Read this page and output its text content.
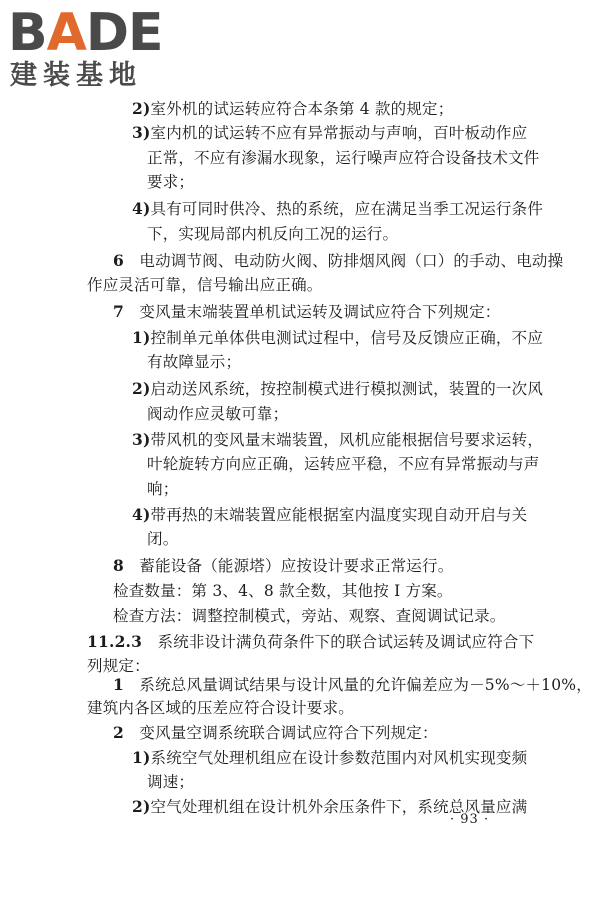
BADE
建装基地
2)室外机的试运转应符合本条第 4 款的规定；
3)室内机的试运转不应有异常振动与声响，百叶板动作应
正常，不应有渗漏水现象，运行噪声应符合设备技术文件
要求；
4)具有可同时供冷、热的系统，应在满足当季工况运行条件
下，实现局部内机反向工况的运行。
6 电动调节阀、电动防火阀、防排烟风阀（口）的手动、电动操
作应灵活可靠，信号输出应正确。
7 变风量末端装置单机试运转及调试应符合下列规定：
1)控制单元单体供电测试过程中，信号及反馈应正确，不应
有故障显示；
2)启动送风系统，按控制模式进行模拟测试，装置的一次风
阀动作应灵敏可靠；
3)带风机的变风量末端装置，风机应能根据信号要求运转，
叶轮旋转方向应正确，运转应平稳，不应有异常振动与声
响；
4)带再热的末端装置应能根据室内温度实现自动开启与关
闭。
8 蓄能设备（能源塔）应按设计要求正常运行。
检查数量：第 3、4、8 款全数，其他按 Ⅰ 方案。
检查方法：调整控制模式，旁站、观察、查阅调试记录。
11.2.3 系统非设计满负荷条件下的联合试运转及调试应符合下
列规定：
1 系统总风量调试结果与设计风量的允许偏差应为－5%～＋10%，
建筑内各区域的压差应符合设计要求。
2 变风量空调系统联合调试应符合下列规定：
1)系统空气处理机组应在设计参数范围内对风机实现变频
调速；
2)空气处理机组在设计机外余压条件下，系统总风量应满
· 93 ·
